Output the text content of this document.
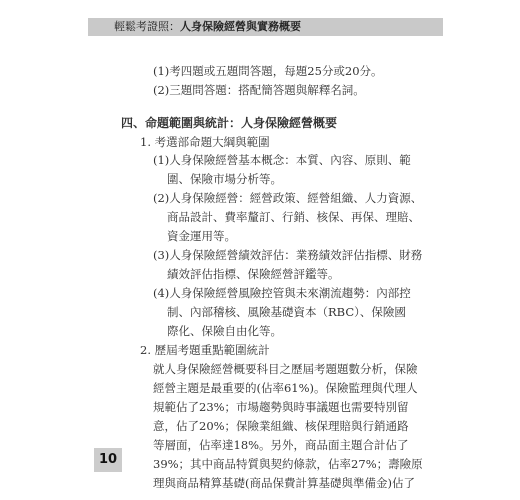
輕鬆考證照：人身保險經營與實務概要
(1)考四題或五題問答題，每題25分或20分。
(2)三題問答題：搭配簡答題與解釋名詞。
四、命題範圍與統計：人身保險經營概要
1. 考選部命題大綱與範圍
(1)人身保險經營基本概念：本質、內容、原則、範
圍、保險市場分析等。
(2)人身保險經營：經營政策、經營組織、人力資源、
商品設計、費率釐訂、行銷、核保、再保、理賠、
資金運用等。
(3)人身保險經營績效評估：業務績效評估指標、財務
績效評估指標、保險經營評鑑等。
(4)人身保險經營風險控管與未來潮流趨勢：內部控
制、內部稽核、風險基礎資本（RBC）、保險國
際化、保險自由化等。
2. 歷屆考題重點範圍統計
就人身保險經營概要科目之歷屆考題題數分析，保險
經營主題是最重要的(佔率61%)。保險監理與代理人
規範佔了23%；市場趨勢與時事議題也需要特別留
意，佔了20%；保險業組織、核保理賠與行銷通路
等層面，佔率達18%。另外，商品面主題合計佔了
39%；其中商品特質與契約條款，佔率27%；壽險原
理與商品精算基礎(商品保費計算基礎與準備金)佔了
10
